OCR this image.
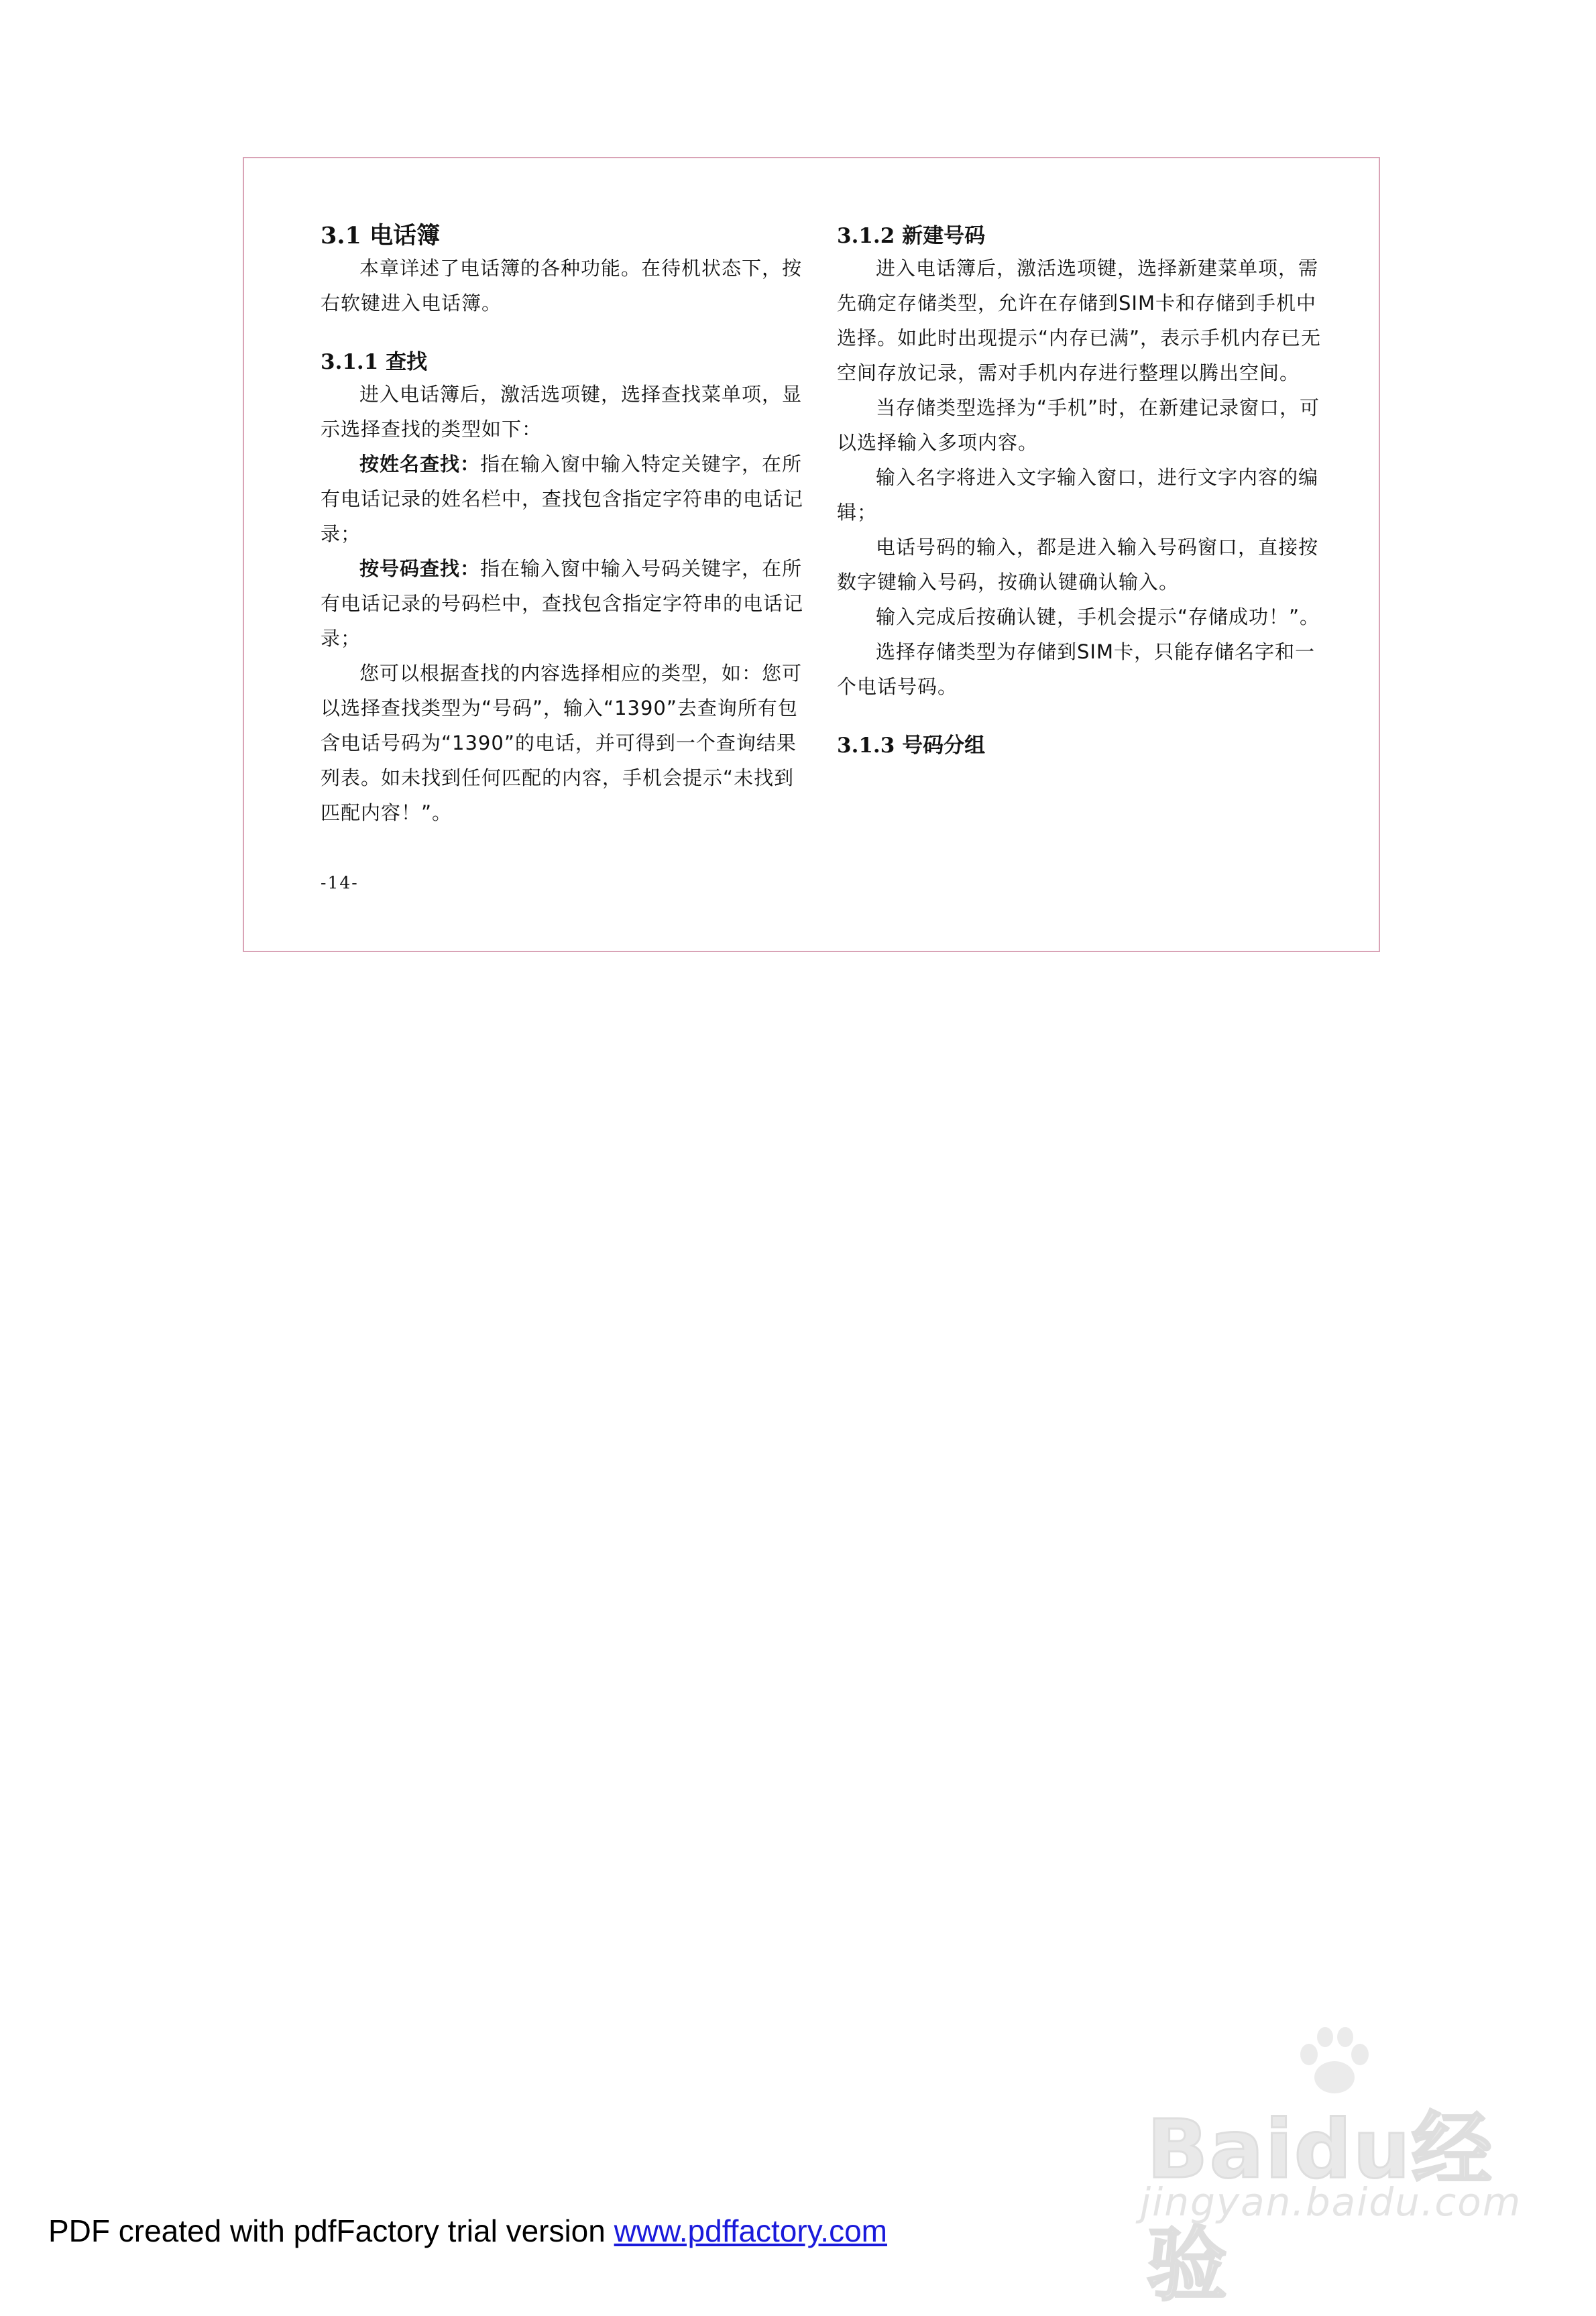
3.1 电话簿

本章详述了电话簿的各种功能。在待机状态下，按右软键进入电话簿。

3.1.1 查找

进入电话簿后，激活选项键，选择查找菜单项，显示选择查找的类型如下：

按姓名查找：指在输入窗中输入特定关键字，在所有电话记录的姓名栏中，查找包含指定字符串的电话记录；

按号码查找：指在输入窗中输入号码关键字，在所有电话记录的号码栏中，查找包含指定字符串的电话记录；

您可以根据查找的内容选择相应的类型，如：您可以选择查找类型为“号码”，输入“1390”去查询所有包含电话号码为“1390”的电话，并可得到一个查询结果列表。如未找到任何匹配的内容，手机会提示“未找到匹配内容！”。

3.1.2 新建号码

进入电话簿后，激活选项键，选择新建菜单项，需先确定存储类型，允许在存储到SIM卡和存储到手机中选择。如此时出现提示“内存已满”，表示手机内存已无空间存放记录，需对手机内存进行整理以腾出空间。

当存储类型选择为“手机”时，在新建记录窗口，可以选择输入多项内容。

输入名字将进入文字输入窗口，进行文字内容的编辑；

电话号码的输入，都是进入输入号码窗口，直接按数字键输入号码，按确认键确认输入。

输入完成后按确认键，手机会提示“存储成功！”。

选择存储类型为存储到SIM卡，只能存储名字和一个电话号码。

3.1.3 号码分组
-14-
Baidu经验
jingyan.baidu.com
PDF created with pdfFactory trial version www.pdffactory.com
